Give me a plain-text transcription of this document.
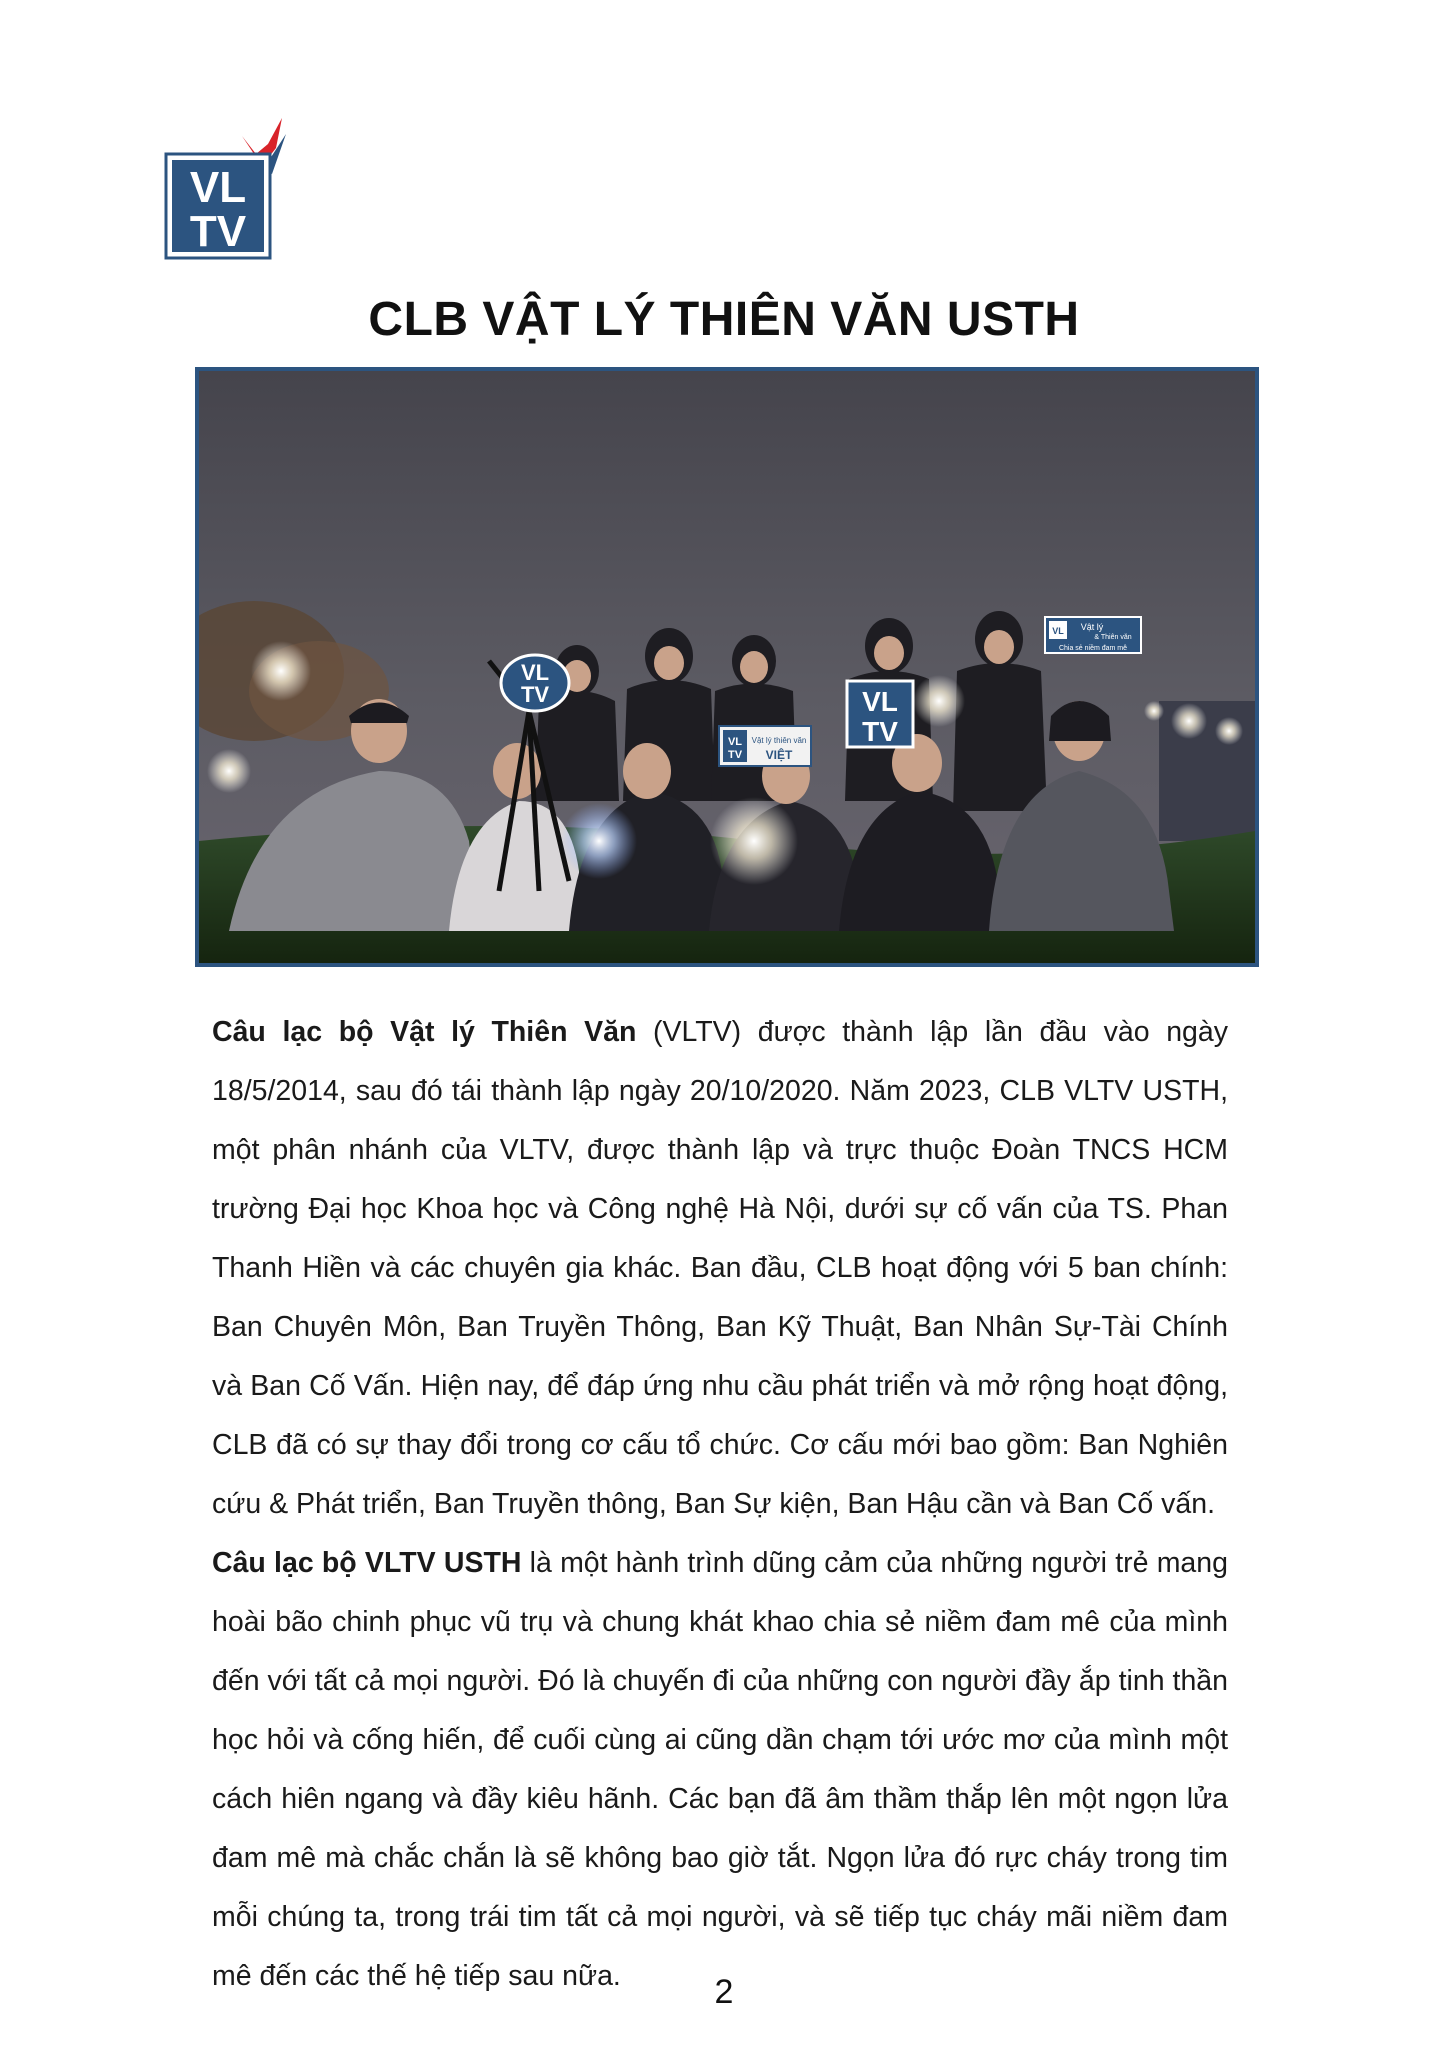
VL
TV
CLB VẬT LÝ THIÊN VĂN USTH
VL
TV	VL
TV
VL
TV
Vật lý thiên văn
VIỆT
VL Vật lý
& Thiên văn
Chia sẻ niềm đam mê

Câu lạc bộ Vật lý Thiên Văn (VLTV) được thành lập lần đầu vào ngày 18/5/2014, sau đó tái thành lập ngày 20/10/2020. Năm 2023, CLB VLTV USTH, một phân nhánh của VLTV, được thành lập và trực thuộc Đoàn TNCS HCM trường Đại học Khoa học và Công nghệ Hà Nội, dưới sự cố vấn của TS. Phan Thanh Hiền và các chuyên gia khác. Ban đầu, CLB hoạt động với 5 ban chính: Ban Chuyên Môn, Ban Truyền Thông, Ban Kỹ Thuật, Ban Nhân Sự-Tài Chính và Ban Cố Vấn. Hiện nay, để đáp ứng nhu cầu phát triển và mở rộng hoạt động, CLB đã có sự thay đổi trong cơ cấu tổ chức. Cơ cấu mới bao gồm: Ban Nghiên cứu & Phát triển, Ban Truyền thông, Ban Sự kiện, Ban Hậu cần và Ban Cố vấn.

Câu lạc bộ VLTV USTH là một hành trình dũng cảm của những người trẻ mang hoài bão chinh phục vũ trụ và chung khát khao chia sẻ niềm đam mê của mình đến với tất cả mọi người. Đó là chuyến đi của những con người đầy ắp tinh thần học hỏi và cống hiến, để cuối cùng ai cũng dần chạm tới ước mơ của mình một cách hiên ngang và đầy kiêu hãnh. Các bạn đã âm thầm thắp lên một ngọn lửa đam mê mà chắc chắn là sẽ không bao giờ tắt. Ngọn lửa đó rực cháy trong tim mỗi chúng ta, trong trái tim tất cả mọi người, và sẽ tiếp tục cháy mãi niềm đam mê đến các thế hệ tiếp sau nữa.	2
